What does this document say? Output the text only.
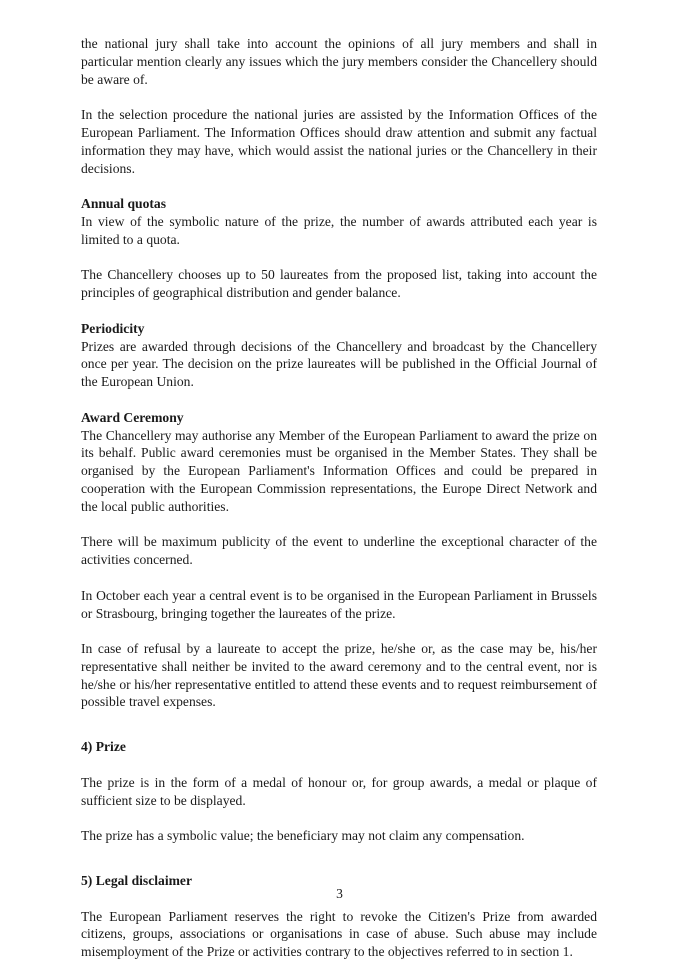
the national jury shall take into account the opinions of all jury members and shall in particular mention clearly any issues which the jury members consider the Chancellery should be aware of.

In the selection procedure the national juries are assisted by the Information Offices of the European Parliament. The Information Offices should draw attention and submit any factual information they may have, which would assist the national juries or the Chancellery in their decisions.

Annual quotas

In view of the symbolic nature of the prize, the number of awards attributed each year is limited to a quota.

The Chancellery chooses up to 50 laureates from the proposed list, taking into account the principles of geographical distribution and gender balance.

Periodicity

Prizes are awarded through decisions of the Chancellery and broadcast by the Chancellery once per year. The decision on the prize laureates will be published in the Official Journal of the European Union.

Award Ceremony

The Chancellery may authorise any Member of the European Parliament to award the prize on its behalf. Public award ceremonies must be organised in the Member States. They shall be organised by the European Parliament's Information Offices and could be prepared in cooperation with the European Commission representations, the Europe Direct Network and the local public authorities.

There will be maximum publicity of the event to underline the exceptional character of the activities concerned.

In October each year a central event is to be organised in the European Parliament in Brussels or Strasbourg, bringing together the laureates of the prize.

In case of refusal by a laureate to accept the prize, he/she or, as the case may be, his/her representative shall neither be invited to the award ceremony and to the central event, nor is he/she or his/her representative entitled to attend these events and to request reimbursement of possible travel expenses.

4) Prize

The prize is in the form of a medal of honour or, for group awards, a medal or plaque of sufficient size to be displayed.

The prize has a symbolic value; the beneficiary may not claim any compensation.

5) Legal disclaimer

The European Parliament reserves the right to revoke the Citizen's Prize from awarded citizens, groups, associations or organisations in case of abuse. Such abuse may include misemployment of the Prize or activities contrary to the objectives referred to in section 1.

3
